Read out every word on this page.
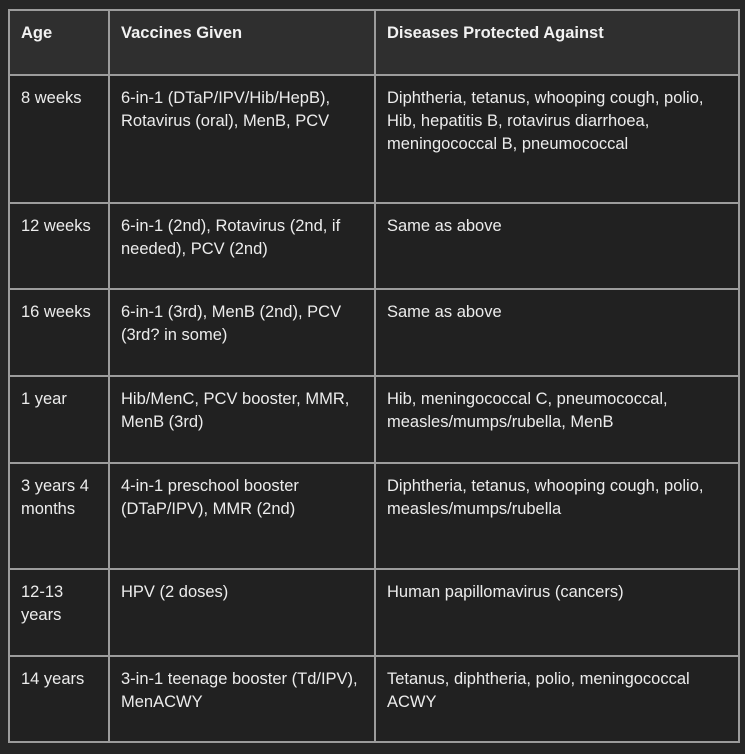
Age	Vaccines Given	Diseases Protected Against
8 weeks	6-in-1 (DTaP/IPV/Hib/HepB), Rotavirus (oral), MenB, PCV	Diphtheria, tetanus, whooping cough, polio, Hib, hepatitis B, rotavirus diarrhoea, meningococcal B, pneumococcal
12 weeks	6-in-1 (2nd), Rotavirus (2nd, if needed), PCV (2nd)	Same as above
16 weeks	6-in-1 (3rd), MenB (2nd), PCV (3rd? in some)	Same as above
1 year	Hib/MenC, PCV booster, MMR, MenB (3rd)	Hib, meningococcal C, pneumococcal, measles/mumps/rubella, MenB
3 years 4 months	4-in-1 preschool booster (DTaP/IPV), MMR (2nd)	Diphtheria, tetanus, whooping cough, polio, measles/mumps/rubella
12-13 years	HPV (2 doses)	Human papillomavirus (cancers)
14 years	3-in-1 teenage booster (Td/IPV), MenACWY	Tetanus, diphtheria, polio, meningococcal ACWY
